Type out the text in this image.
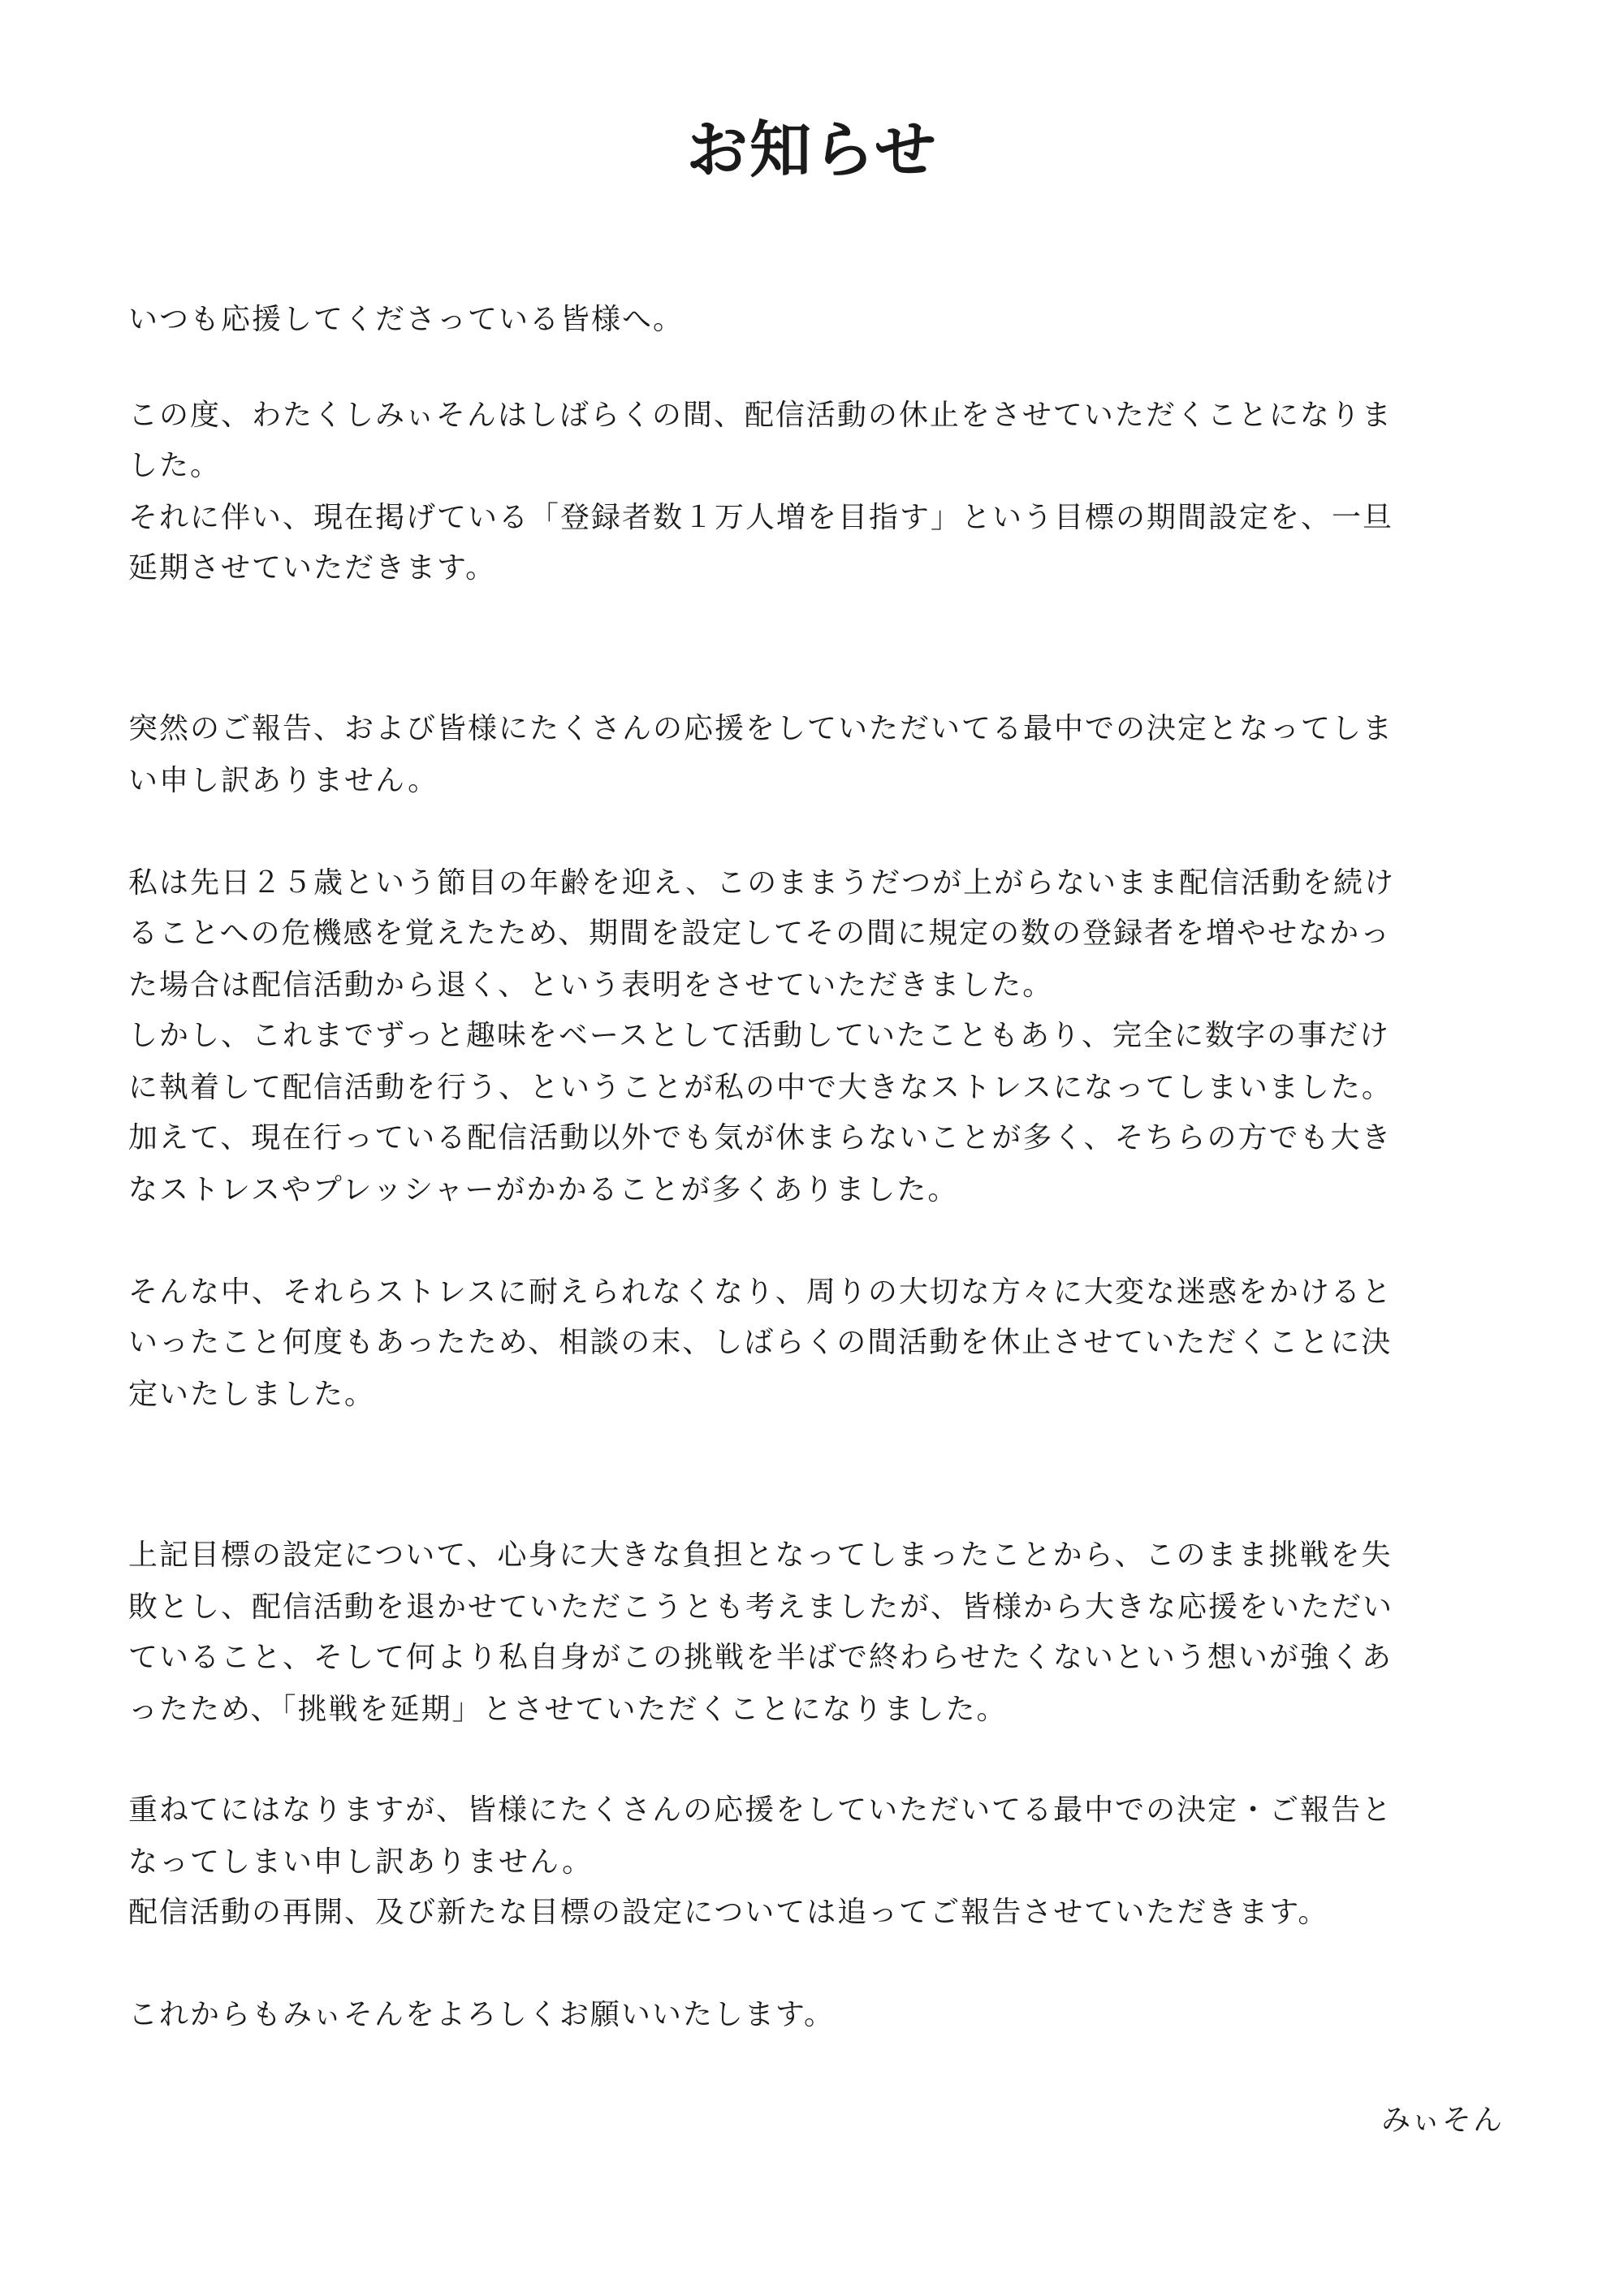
お知らせ
いつも応援してくださっている皆様へ。
この度、わたくしみぃそんはしばらくの間、配信活動の休止をさせていただくことになりま
した。
それに伴い、現在掲げている「登録者数１万人増を目指す」という目標の期間設定を、一旦
延期させていただきます。
突然のご報告、および皆様にたくさんの応援をしていただいてる最中での決定となってしま
い申し訳ありません。
私は先日２５歳という節目の年齢を迎え、このままうだつが上がらないまま配信活動を続け
ることへの危機感を覚えたため、期間を設定してその間に規定の数の登録者を増やせなかっ
た場合は配信活動から退く、という表明をさせていただきました。
しかし、これまでずっと趣味をベースとして活動していたこともあり、完全に数字の事だけ
に執着して配信活動を行う、ということが私の中で大きなストレスになってしまいました。
加えて、現在行っている配信活動以外でも気が休まらないことが多く、そちらの方でも大き
なストレスやプレッシャーがかかることが多くありました。
そんな中、それらストレスに耐えられなくなり、周りの大切な方々に大変な迷惑をかけると
いったこと何度もあったため、相談の末、しばらくの間活動を休止させていただくことに決
定いたしました。
上記目標の設定について、心身に大きな負担となってしまったことから、このまま挑戦を失
敗とし、配信活動を退かせていただこうとも考えましたが、皆様から大きな応援をいただい
ていること、そして何より私自身がこの挑戦を半ばで終わらせたくないという想いが強くあ
ったため、「挑戦を延期」とさせていただくことになりました。
重ねてにはなりますが、皆様にたくさんの応援をしていただいてる最中での決定・ご報告と
なってしまい申し訳ありません。
配信活動の再開、及び新たな目標の設定については追ってご報告させていただきます。
これからもみぃそんをよろしくお願いいたします。
みぃそん
